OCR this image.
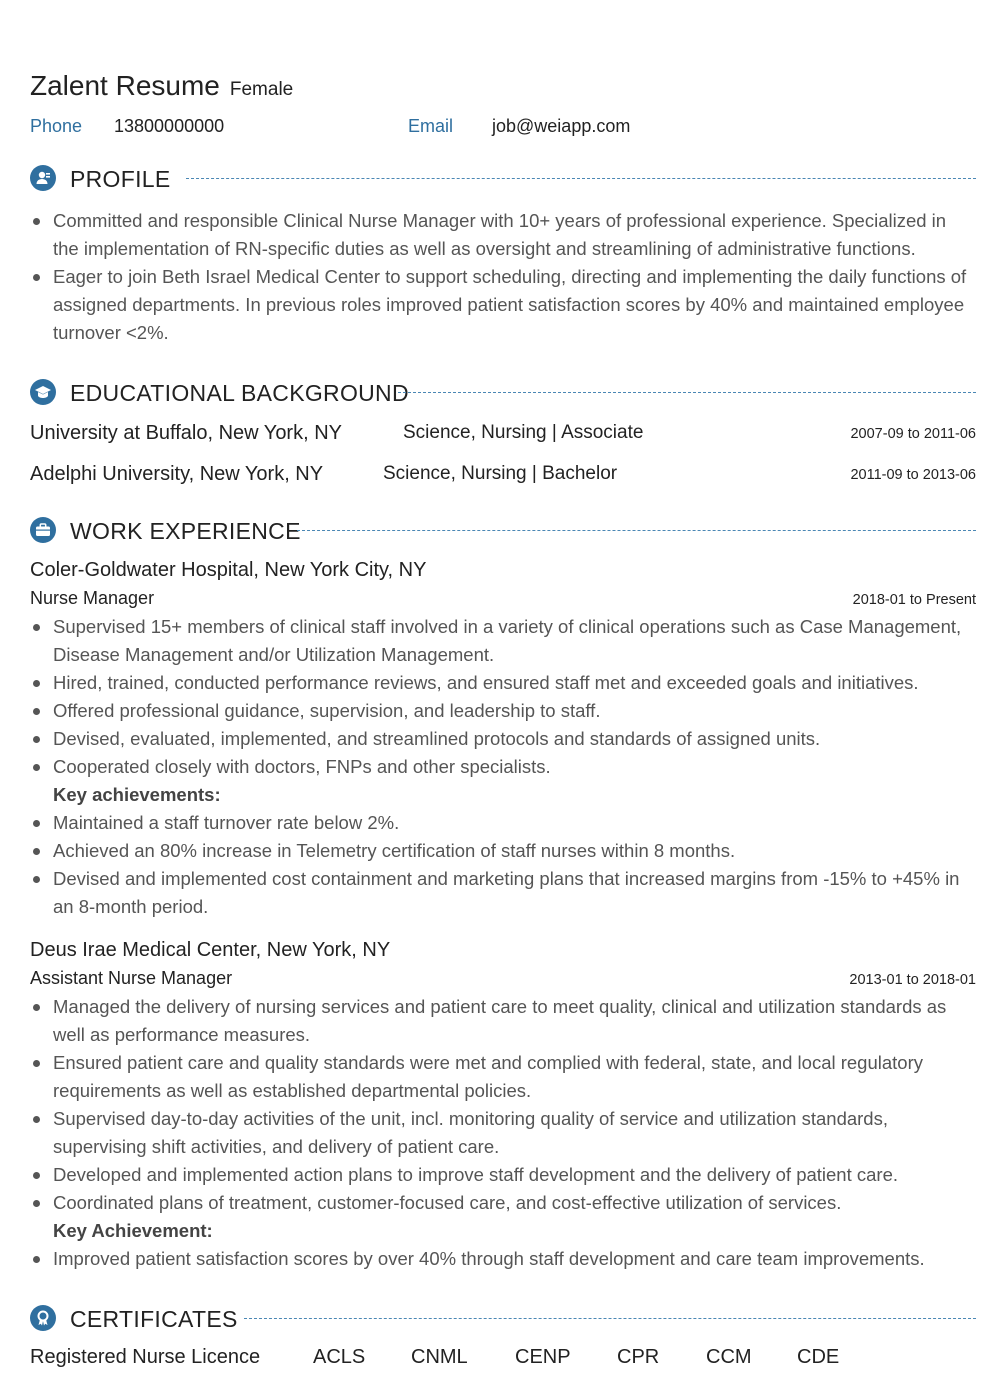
Zalent Resume Female
Phone 13800000000	Email job@weiapp.com
PROFILE
Committed and responsible Clinical Nurse Manager with 10+ years of professional experience. Specialized in the implementation of RN-specific duties as well as oversight and streamlining of administrative functions.
Eager to join Beth Israel Medical Center to support scheduling, directing and implementing the daily functions of assigned departments. In previous roles improved patient satisfaction scores by 40% and maintained employee turnover <2%.
EDUCATIONAL BACKGROUND
University at Buffalo, New York, NY	Science, Nursing | Associate	2007-09 to 2011-06
Adelphi University, New York, NY	Science, Nursing | Bachelor	2011-09 to 2013-06
WORK EXPERIENCE
Coler-Goldwater Hospital, New York City, NY
Nurse Manager	2018-01 to Present
Supervised 15+ members of clinical staff involved in a variety of clinical operations such as Case Management, Disease Management and/or Utilization Management.
Hired, trained, conducted performance reviews, and ensured staff met and exceeded goals and initiatives.
Offered professional guidance, supervision, and leadership to staff.
Devised, evaluated, implemented, and streamlined protocols and standards of assigned units.
Cooperated closely with doctors, FNPs and other specialists.
Key achievements:
Maintained a staff turnover rate below 2%.
Achieved an 80% increase in Telemetry certification of staff nurses within 8 months.
Devised and implemented cost containment and marketing plans that increased margins from -15% to +45% in an 8-month period.
Deus Irae Medical Center, New York, NY
Assistant Nurse Manager	2013-01 to 2018-01
Managed the delivery of nursing services and patient care to meet quality, clinical and utilization standards as well as performance measures.
Ensured patient care and quality standards were met and complied with federal, state, and local regulatory requirements as well as established departmental policies.
Supervised day-to-day activities of the unit, incl. monitoring quality of service and utilization standards, supervising shift activities, and delivery of patient care.
Developed and implemented action plans to improve staff development and the delivery of patient care.
Coordinated plans of treatment, customer-focused care, and cost-effective utilization of services.
Key Achievement:
Improved patient satisfaction scores by over 40% through staff development and care team improvements.
CERTIFICATES
Registered Nurse Licence	ACLS CNML CENP CPR CCM CDE
